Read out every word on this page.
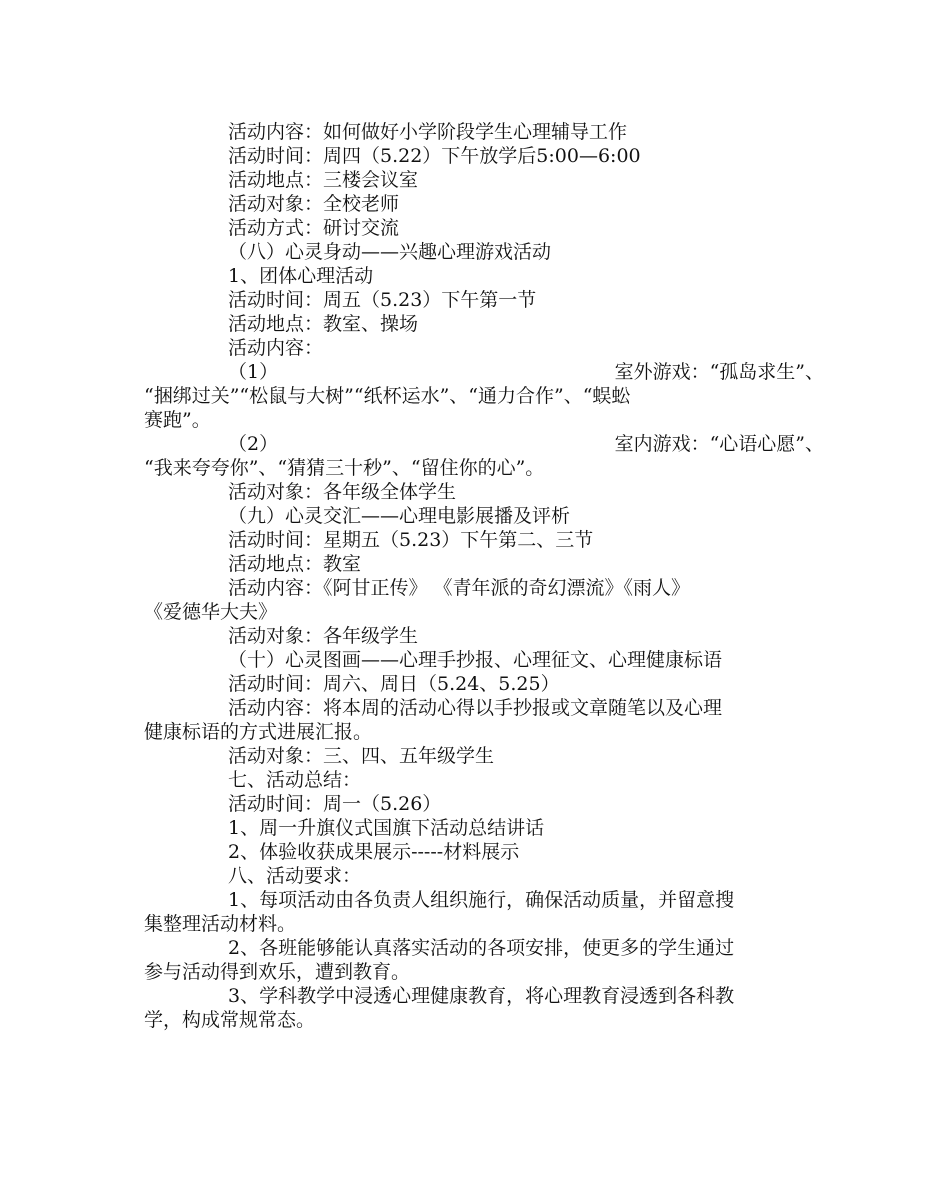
活动内容：如何做好小学阶段学生心理辅导工作
活动时间：周四（5.22）下午放学后5:00—6:00
活动地点：三楼会议室
活动对象：全校老师
活动方式：研讨交流
（八）心灵身动——兴趣心理游戏活动
1、团体心理活动
活动时间：周五（5.23）下午第一节
活动地点：教室、操场
活动内容：
（1）	室外游戏：“孤岛求生”、
“捆绑过关”“松鼠与大树”“纸杯运水”、“通力合作”、“蜈蚣
赛跑”。
（2）	室内游戏：“心语心愿”、
“我来夸夸你”、“猜猜三十秒”、“留住你的心”。
活动对象：各年级全体学生
（九）心灵交汇——心理电影展播及评析
活动时间：星期五（5.23）下午第二、三节
活动地点：教室
活动内容：《阿甘正传》 《青年派的奇幻漂流》《雨人》
《爱德华大夫》
活动对象：各年级学生
（十）心灵图画——心理手抄报、心理征文、心理健康标语
活动时间：周六、周日（5.24、5.25）
活动内容：将本周的活动心得以手抄报或文章随笔以及心理
健康标语的方式进展汇报。
活动对象：三、四、五年级学生
七、活动总结：
活动时间：周一（5.26）
1、周一升旗仪式国旗下活动总结讲话
2、体验收获成果展示-----材料展示
八、活动要求：
1、每项活动由各负责人组织施行，确保活动质量，并留意搜
集整理活动材料。
2、各班能够能认真落实活动的各项安排，使更多的学生通过
参与活动得到欢乐，遭到教育。
3、学科教学中浸透心理健康教育，将心理教育浸透到各科教
学，构成常规常态。
